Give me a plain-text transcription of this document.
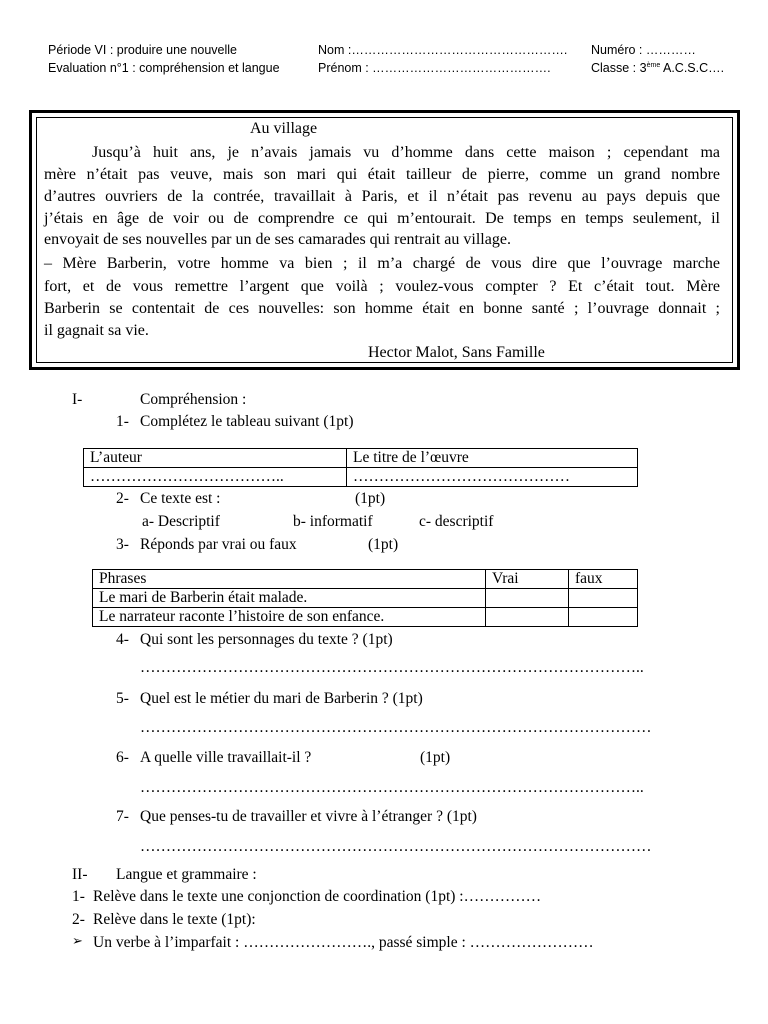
Période VI : produire une nouvelle
Evaluation n°1 : compréhension et langue
Nom :…………………………………………….
Prénom : …………………………………….
Numéro : …………
Classe : 3ème A.C.S.C….
Au village
Jusqu’à huit ans, je n’avais jamais vu d’homme dans cette maison ; cependant ma
mère n’était pas veuve, mais son mari qui était tailleur de pierre, comme un grand nombre
d’autres ouvriers de la contrée, travaillait à Paris, et il n’était pas revenu au pays depuis que
j’étais en âge de voir ou de comprendre ce qui m’entourait. De temps en temps seulement, il
envoyait de ses nouvelles par un de ses camarades qui rentrait au village.
– Mère Barberin, votre homme va bien ; il m’a chargé de vous dire que l’ouvrage marche
fort, et de vous remettre l’argent que voilà ; voulez-vous compter ? Et c’était tout. Mère
Barberin se contentait de ces nouvelles: son homme était en bonne santé ; l’ouvrage donnait ;
il gagnait sa vie.
Hector Malot, Sans Famille
I-	Compréhension :
1- Complétez le tableau suivant (1pt)
L’auteur	Le titre de l’œuvre
………………………………..	……………………………………
2- Ce texte est :	(1pt)
a- Descriptif	b- informatif	c- descriptif
3- Réponds par vrai ou faux	(1pt)
Phrases	Vrai	faux
Le mari de Barberin était malade.		
Le narrateur raconte l’histoire de son enfance.		
4- Qui sont les personnages du texte ? (1pt)
……………………………………………………………………………………..
5- Quel est le métier du mari de Barberin ? (1pt)
………………………………………………………………………………………
6- A quelle ville travaillait-il ?	(1pt)
……………………………………………………………………………………..
7- Que penses-tu de travailler et vivre à l’étranger ? (1pt)
………………………………………………………………………………………
II- Langue et grammaire :
1- Relève dans le texte une conjonction de coordination (1pt) :……………
2- Relève dans le texte (1pt):
➢ Un verbe à l’imparfait : ……………………., passé simple : ……………………
